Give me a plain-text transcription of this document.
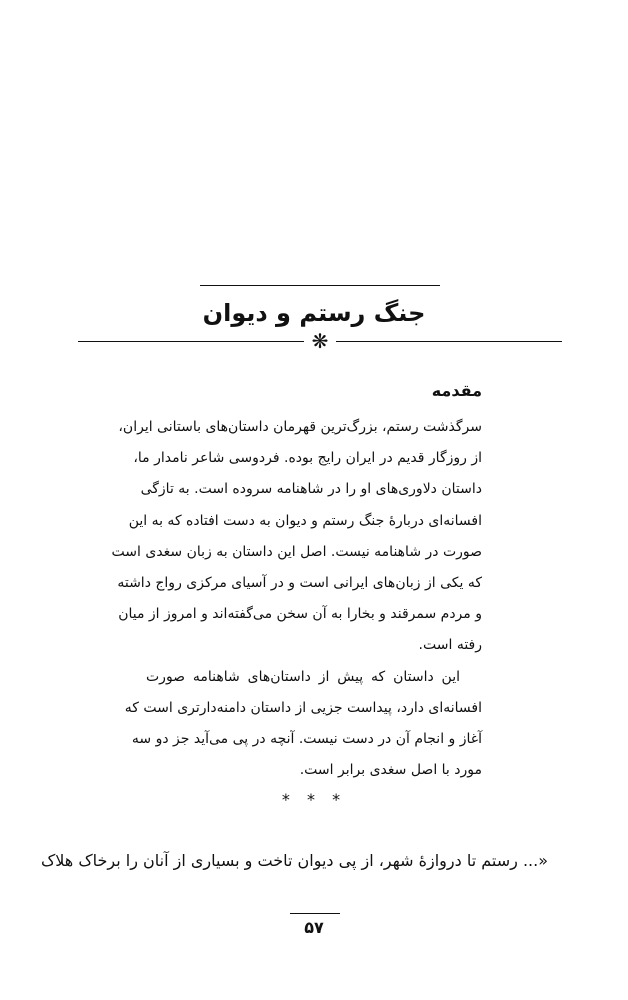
جنگ رستم و دیوان
❋
مقدمه
سرگذشت رستم، بزرگ‌ترین قهرمان داستان‌های باستانی ایران،
از روزگار قدیم در ایران رایج بوده. فردوسی شاعر نامدار ما،
داستان دلاوری‌های او را در شاهنامه سروده است. به تازگی
افسانه‌ای دربارهٔ جنگ رستم و دیوان به دست افتاده که به این
صورت در شاهنامه نیست. اصل این داستان به زبان سغدی است
که یکی از زبان‌های ایرانی است و در آسیای مرکزی رواج داشته
و مردم سمرقند و بخارا به آن سخن می‌گفته‌اند و امروز از میان
رفته است.
این داستان که پیش از داستان‌های شاهنامه صورت
افسانه‌ای دارد، پیداست جزیی از داستان دامنه‌دارتری است که
آغاز و انجام آن در دست نیست. آنچه در پی می‌آید جز دو سه
مورد با اصل سغدی برابر است.
* * *
«... رستم تا دروازهٔ شهر، از پی دیوان تاخت و بسیاری از آنان را برخاک هلاک
۵۷
